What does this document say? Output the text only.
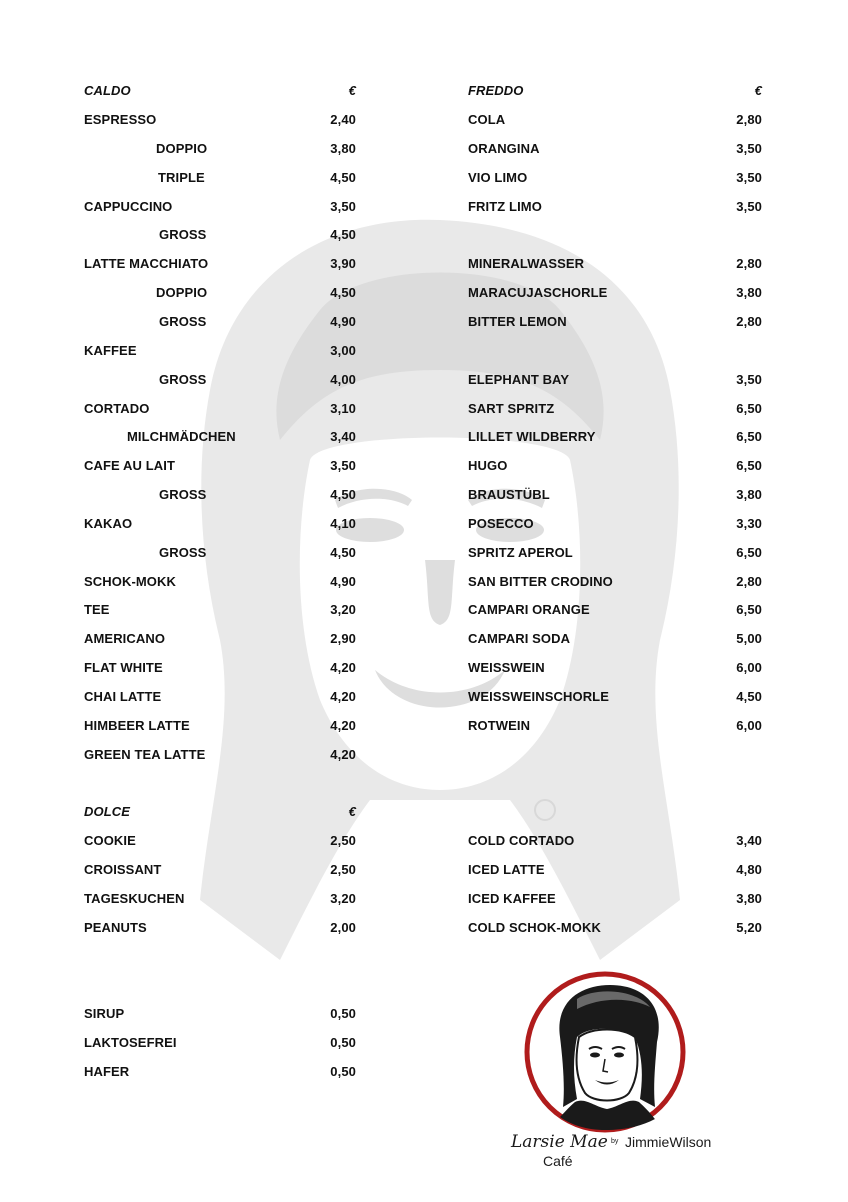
CALDO	€
ESPRESSO	2,40
DOPPIO	3,80
TRIPLE	4,50
CAPPUCCINO	3,50
GROSS	4,50
LATTE MACCHIATO	3,90
DOPPIO	4,50
GROSS	4,90
KAFFEE	3,00
GROSS	4,00
CORTADO	3,10
MILCHMÄDCHEN	3,40
CAFE AU LAIT	3,50
GROSS	4,50
KAKAO	4,10
GROSS	4,50
SCHOK-MOKK	4,90
TEE	3,20
AMERICANO	2,90
FLAT WHITE	4,20
CHAI LATTE	4,20
HIMBEER LATTE	4,20
GREEN TEA LATTE	4,20
DOLCE	€
COOKIE	2,50
CROISSANT	2,50
TAGESKUCHEN	3,20
PEANUTS	2,00
SIRUP	0,50
LAKTOSEFREI	0,50
HAFER	0,50
FREDDO	€
COLA	2,80
ORANGINA	3,50
VIO LIMO	3,50
FRITZ LIMO	3,50
MINERALWASSER	2,80
MARACUJASCHORLE	3,80
BITTER LEMON	2,80
ELEPHANT BAY	3,50
SART SPRITZ	6,50
LILLET WILDBERRY	6,50
HUGO	6,50
BRAUSTÜBL	3,80
POSECCO	3,30
SPRITZ APEROL	6,50
SAN BITTER CRODINO	2,80
CAMPARI ORANGE	6,50
CAMPARI SODA	5,00
WEISSWEIN	6,00
WEISSWEINSCHORLE	4,50
ROTWEIN	6,00
COLD CORTADO	3,40
ICED LATTE	4,80
ICED KAFFEE	3,80
COLD SCHOK-MOKK	5,20
Larsie Mae by JimmieWilson
Café
